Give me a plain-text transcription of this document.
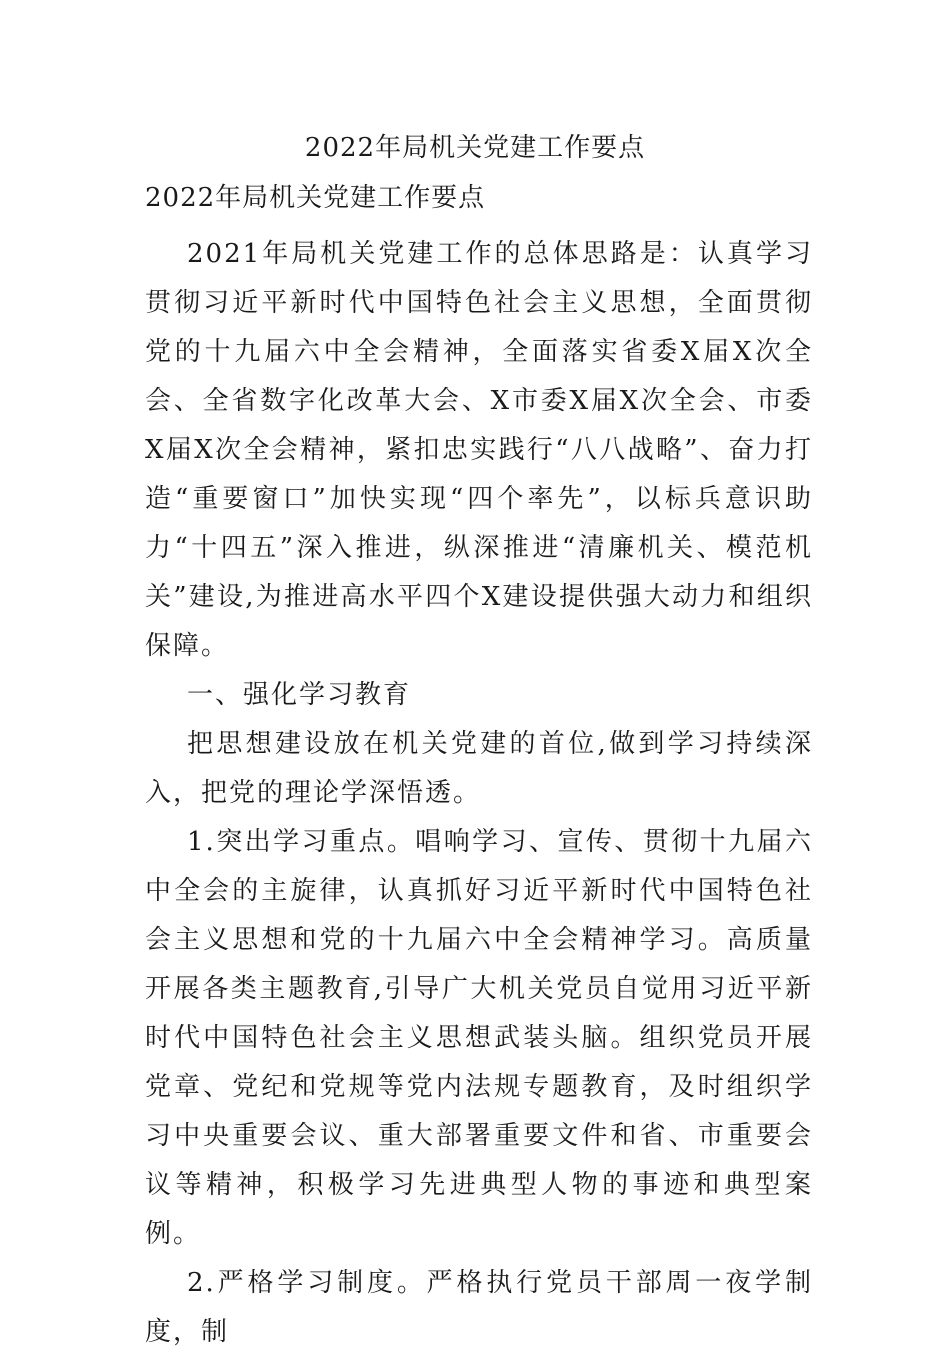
2022年局机关党建工作要点
2022年局机关党建工作要点

2021年局机关党建工作的总体思路是：认真学习贯彻习近平新时代中国特色社会主义思想，全面贯彻党的十九届六中全会精神，全面落实省委X届X次全会、全省数字化改革大会、X市委X届X次全会、市委X届X次全会精神，紧扣忠实践行“八八战略”、奋力打造“重要窗口”加快实现“四个率先”，以标兵意识助力“十四五”深入推进，纵深推进“清廉机关、模范机关”建设,为推进高水平四个X建设提供强大动力和组织保障。

一、强化学习教育

把思想建设放在机关党建的首位,做到学习持续深入，把党的理论学深悟透。

1.突出学习重点。唱响学习、宣传、贯彻十九届六中全会的主旋律，认真抓好习近平新时代中国特色社会主义思想和党的十九届六中全会精神学习。高质量开展各类主题教育,引导广大机关党员自觉用习近平新时代中国特色社会主义思想武装头脑。组织党员开展党章、党纪和党规等党内法规专题教育，及时组织学习中央重要会议、重大部署重要文件和省、市重要会议等精神，积极学习先进典型人物的事迹和典型案例。

2.严格学习制度。严格执行党员干部周一夜学制度，制
